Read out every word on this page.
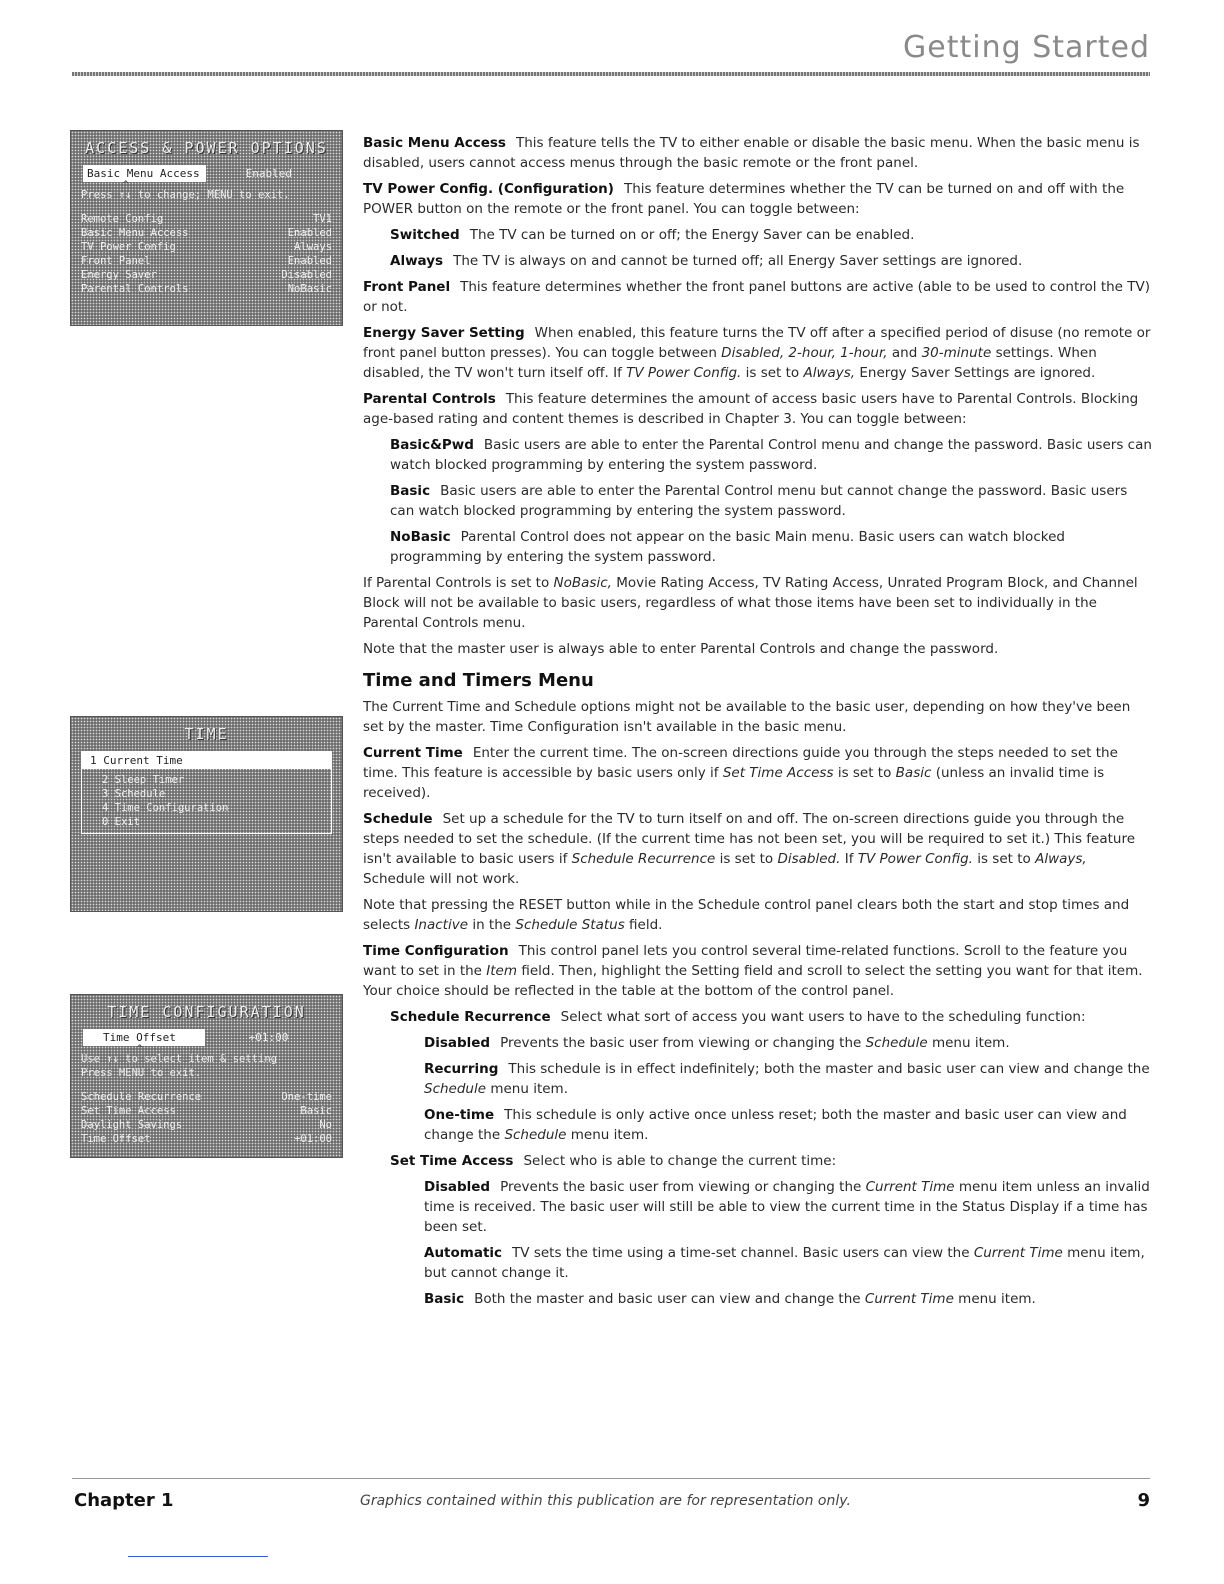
Getting Started
ACCESS & POWER OPTIONS
Basic Menu Access	Enabled
^
Press ↑↓ to change; MENU to exit.
Remote Config	TV1
Basic Menu Access	Enabled
TV Power Config	Always
Front Panel	Enabled
Energy Saver	Disabled
Parental Controls	NoBasic
TIME
1 Current Time
2 Sleep Timer
3 Schedule
4 Time Configuration
0 Exit
TIME CONFIGURATION
Time Offset	+01:00
^
Use ↑↓ to select item & setting
Press MENU to exit.
Schedule Recurrence	One-time
Set Time Access	Basic
Daylight Savings	No
Time Offset	+01:00

Basic Menu Access This feature tells the TV to either enable or disable the basic menu. When the basic menu is disabled, users cannot access menus through the basic remote or the front panel.

TV Power Config. (Configuration) This feature determines whether the TV can be turned on and off with the POWER button on the remote or the front panel. You can toggle between:

Switched The TV can be turned on or off; the Energy Saver can be enabled.

Always The TV is always on and cannot be turned off; all Energy Saver settings are ignored.

Front Panel This feature determines whether the front panel buttons are active (able to be used to control the TV) or not.

Energy Saver Setting When enabled, this feature turns the TV off after a specified period of disuse (no remote or front panel button presses). You can toggle between Disabled, 2-hour, 1-hour, and 30-minute settings. When disabled, the TV won't turn itself off. If TV Power Config. is set to Always, Energy Saver Settings are ignored.

Parental Controls This feature determines the amount of access basic users have to Parental Controls. Blocking age-based rating and content themes is described in Chapter 3. You can toggle between:

Basic&Pwd Basic users are able to enter the Parental Control menu and change the password. Basic users can watch blocked programming by entering the system password.

Basic Basic users are able to enter the Parental Control menu but cannot change the password. Basic users can watch blocked programming by entering the system password.

NoBasic Parental Control does not appear on the basic Main menu. Basic users can watch blocked programming by entering the system password.

If Parental Controls is set to NoBasic, Movie Rating Access, TV Rating Access, Unrated Program Block, and Channel Block will not be available to basic users, regardless of what those items have been set to individually in the Parental Controls menu.

Note that the master user is always able to enter Parental Controls and change the password.

Time and Timers Menu

The Current Time and Schedule options might not be available to the basic user, depending on how they've been set by the master. Time Configuration isn't available in the basic menu.

Current Time Enter the current time. The on-screen directions guide you through the steps needed to set the time. This feature is accessible by basic users only if Set Time Access is set to Basic (unless an invalid time is received).

Schedule Set up a schedule for the TV to turn itself on and off. The on-screen directions guide you through the steps needed to set the schedule. (If the current time has not been set, you will be required to set it.) This feature isn't available to basic users if Schedule Recurrence is set to Disabled. If TV Power Config. is set to Always, Schedule will not work.

Note that pressing the RESET button while in the Schedule control panel clears both the start and stop times and selects Inactive in the Schedule Status field.

Time Configuration This control panel lets you control several time-related functions. Scroll to the feature you want to set in the Item field. Then, highlight the Setting field and scroll to select the setting you want for that item. Your choice should be reflected in the table at the bottom of the control panel.

Schedule Recurrence Select what sort of access you want users to have to the scheduling function:

Disabled Prevents the basic user from viewing or changing the Schedule menu item.

Recurring This schedule is in effect indefinitely; both the master and basic user can view and change the Schedule menu item.

One-time This schedule is only active once unless reset; both the master and basic user can view and change the Schedule menu item.

Set Time Access Select who is able to change the current time:

Disabled Prevents the basic user from viewing or changing the Current Time menu item unless an invalid time is received. The basic user will still be able to view the current time in the Status Display if a time has been set.

Automatic TV sets the time using a time-set channel. Basic users can view the Current Time menu item, but cannot change it.

Basic Both the master and basic user can view and change the Current Time menu item.

Chapter 1	Graphics contained within this publication are for representation only.	9
